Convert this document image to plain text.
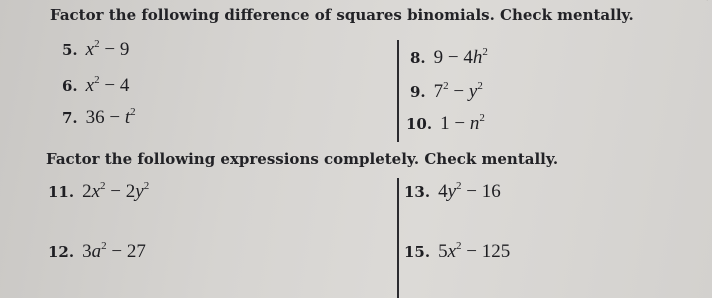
Factor the following difference of squares binomials. Check mentally.
5. $x^2 - 9$
6. $x^2 - 4$
7. $36 - t^2$
8. $9 - 4h^2$
9. $7^2 - y^2$
10. $1 - n^2$
Factor the following expressions completely. Check mentally.
11. $2x^2 - 2y^2$
12. $3a^2 - 27$
13. $4y^2 - 16$
15. $5x^2 - 125$
